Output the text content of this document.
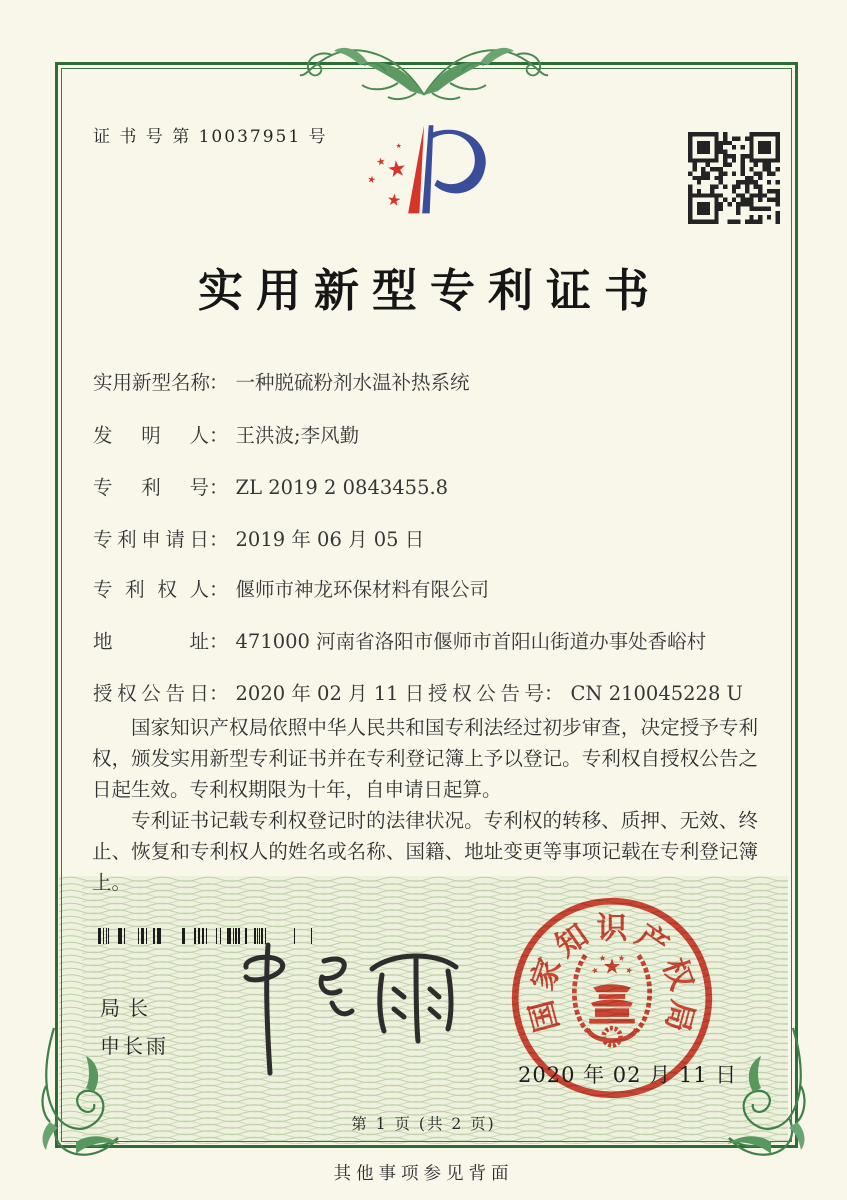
证 书 号 第 10037951 号
实用新型专利证书
实用新型名称： 一种脱硫粉剂水温补热系统
发明人： 王洪波;李风勤
专利号： ZL 2019 2 0843455.8
专利申请日： 2019 年 06 月 05 日
专利权人： 偃师市神龙环保材料有限公司
地址： 471000 河南省洛阳市偃师市首阳山街道办事处香峪村
授权公告日： 2020 年 02 月 11 日 授权公告号： CN 210045228 U

国家知识产权局依照中华人民共和国专利法经过初步审查，决定授予专利权，颁发实用新型专利证书并在专利登记簿上予以登记。专利权自授权公告之日起生效。专利权期限为十年，自申请日起算。

专利证书记载专利权登记时的法律状况。专利权的转移、质押、无效、终止、恢复和专利权人的姓名或名称、国籍、地址变更等事项记载在专利登记簿上。

局长
申长雨
国
家
知 识 产
权
局
2020 年 02 月 11 日
第 1 页 (共 2 页)
其他事项参见背面
